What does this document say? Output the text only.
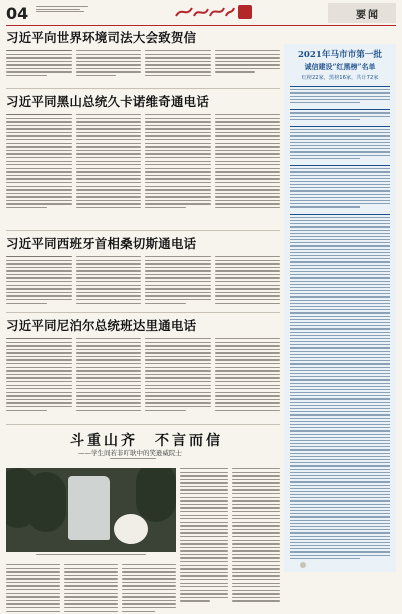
04	要闻
习近平向世界环境司法大会致贺信
习近平同黑山总统久卡诺维奇通电话
习近平同西班牙首相桑切斯通电话
习近平同尼泊尔总统班达里通电话
斗重山齐　不言而信
——学生间若非吖耿中的笑逊威院士
2021年马市市第一批
诚信建设“红黑榜”名单
红榜22家，黑榜16家，共计72家
